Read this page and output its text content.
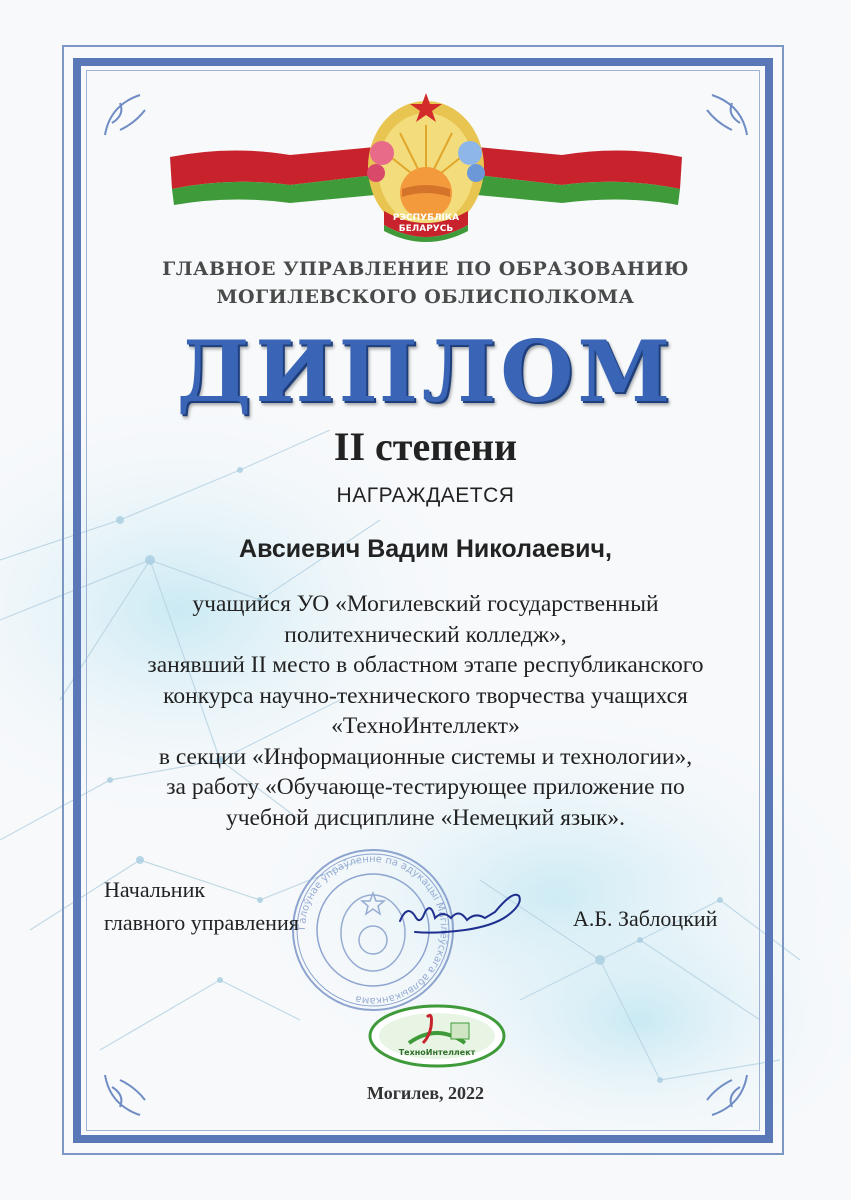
РЭСПУБЛІКА
БЕЛАРУСЬ
ГЛАВНОЕ УПРАВЛЕНИЕ ПО ОБРАЗОВАНИЮ
МОГИЛЕВСКОГО ОБЛИСПОЛКОМА
ДИПЛОМ
II степени
НАГРАЖДАЕТСЯ
Авсиевич Вадим Николаевич,
учащийся УО «Могилевский государственный
политехнический колледж»,
занявший II место в областном этапе республиканского
конкурса научно-технического творчества учащихся
«ТехноИнтеллект»
в секции «Информационные системы и технологии»,
за работу «Обучающе-тестирующее приложение по
учебной дисциплине «Немецкий язык».
Галоўнае ўпраўленне па адукацыі Магілёўскага аблвыканкама
Начальник
главного управления	А.Б. Заблоцкий
ТехноИнтеллект
Могилев, 2022
